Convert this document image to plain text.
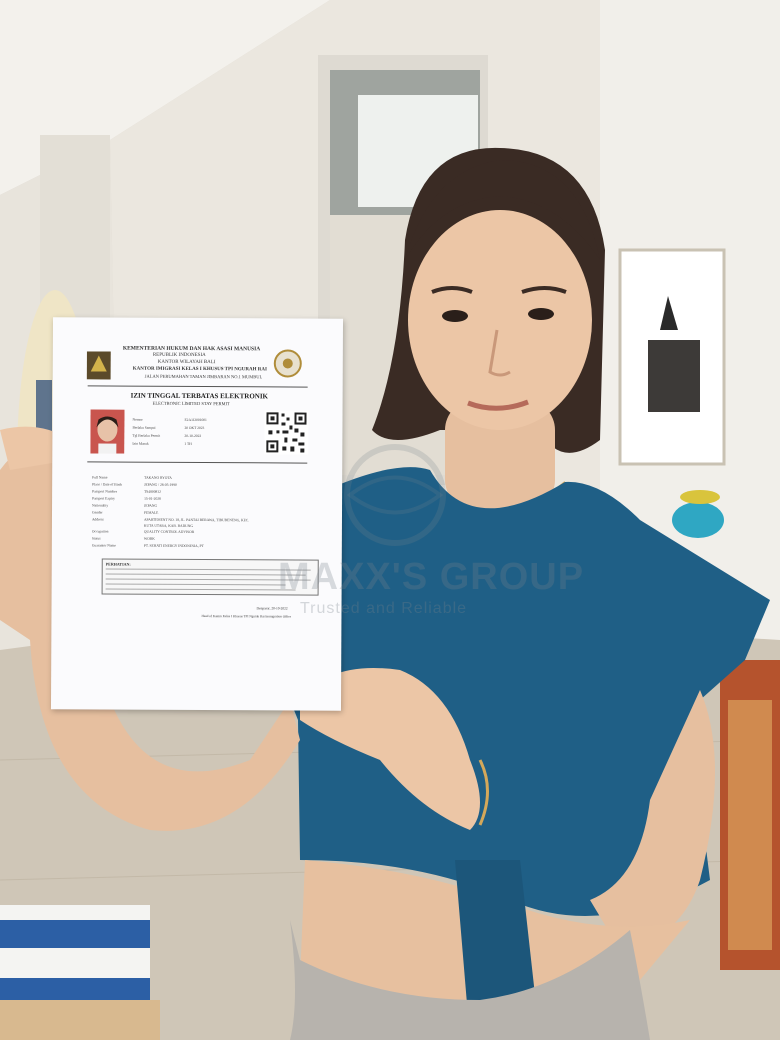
KEMENTERIAN HUKUM DAN HAK ASASI MANUSIA
REPUBLIK INDONESIA
KANTOR WILAYAH BALI
KANTOR IMIGRASI KELAS I KHUSUS TPI NGURAH RAI
JALAN PERUMAHAN TAMAN JIMBARAN NO.1 MUMBUL
IZIN TINGGAL TERBATAS ELEKTRONIK
ELECTRONIC LIMITED STAY PERMIT
Nomor	E2A1J2001001
Berlaku Sampai	20 OKT 2023
Tgl Berlaku Permit	20-10-2022
Izin Masuk	1 TH
Full Name	TAKANO RYOTA
Place / Date of Birth	JEPANG / 28-05-1990
Passport Number	TS4800812
Passport Expiry	15-01-2028
Nationality	JEPANG
Gender	FEMALE
Address	APARTEMENT NO. 18, JL. PANTAI BERAWA, TIBUBENENG, KEC.
KUTA UTARA, KAB. BADUNG
Occupation	QUALITY CONTROL ADVISOR
Status	WORK
Guarantor Name	PT. SEHATI ENERGY INDONESIA, PT
PERHATIAN:
Denpasar, 20-10-2022
Head of Kanim Kelas I Khusus TPI Ngurah Rai Immigration Office
MAXX'S GROUP
Trusted and Reliable
